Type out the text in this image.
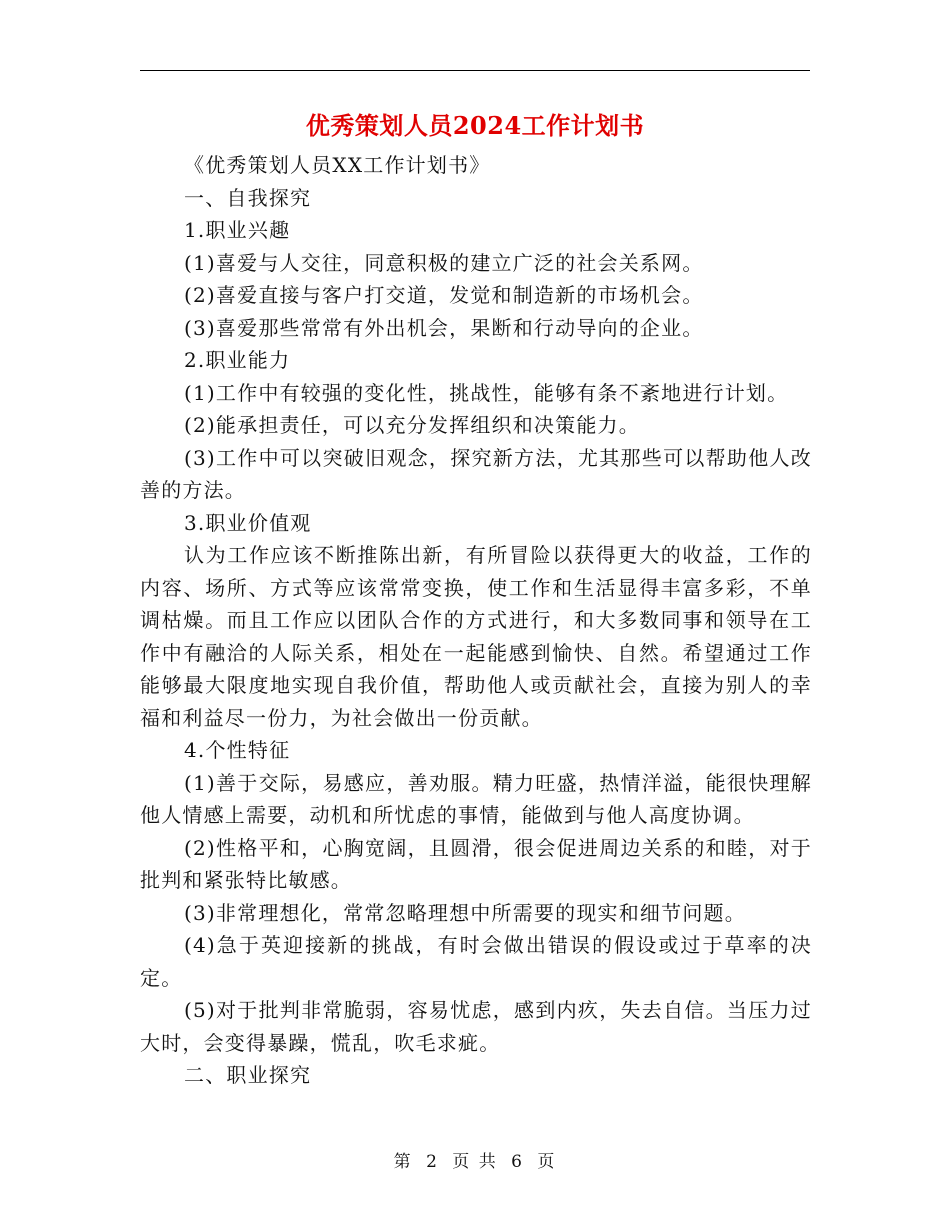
优秀策划人员2024工作计划书

《优秀策划人员XX工作计划书》

一、自我探究

1.职业兴趣

(1)喜爱与人交往，同意积极的建立广泛的社会关系网。

(2)喜爱直接与客户打交道，发觉和制造新的市场机会。

(3)喜爱那些常常有外出机会，果断和行动导向的企业。

2.职业能力

(1)工作中有较强的变化性，挑战性，能够有条不紊地进行计划。

(2)能承担责任，可以充分发挥组织和决策能力。

(3)工作中可以突破旧观念，探究新方法，尤其那些可以帮助他人改善的方法。

3.职业价值观

认为工作应该不断推陈出新，有所冒险以获得更大的收益，工作的内容、场所、方式等应该常常变换，使工作和生活显得丰富多彩，不单调枯燥。而且工作应以团队合作的方式进行，和大多数同事和领导在工作中有融洽的人际关系，相处在一起能感到愉快、自然。希望通过工作能够最大限度地实现自我价值，帮助他人或贡献社会，直接为别人的幸福和利益尽一份力，为社会做出一份贡献。

4.个性特征

(1)善于交际，易感应，善劝服。精力旺盛，热情洋溢，能很快理解他人情感上需要，动机和所忧虑的事情，能做到与他人高度协调。

(2)性格平和，心胸宽阔，且圆滑，很会促进周边关系的和睦，对于批判和紧张特比敏感。

(3)非常理想化，常常忽略理想中所需要的现实和细节问题。

(4)急于英迎接新的挑战，有时会做出错误的假设或过于草率的决定。

(5)对于批判非常脆弱，容易忧虑，感到内疚，失去自信。当压力过大时，会变得暴躁，慌乱，吹毛求疵。

二、职业探究

第 2 页 共 6 页
